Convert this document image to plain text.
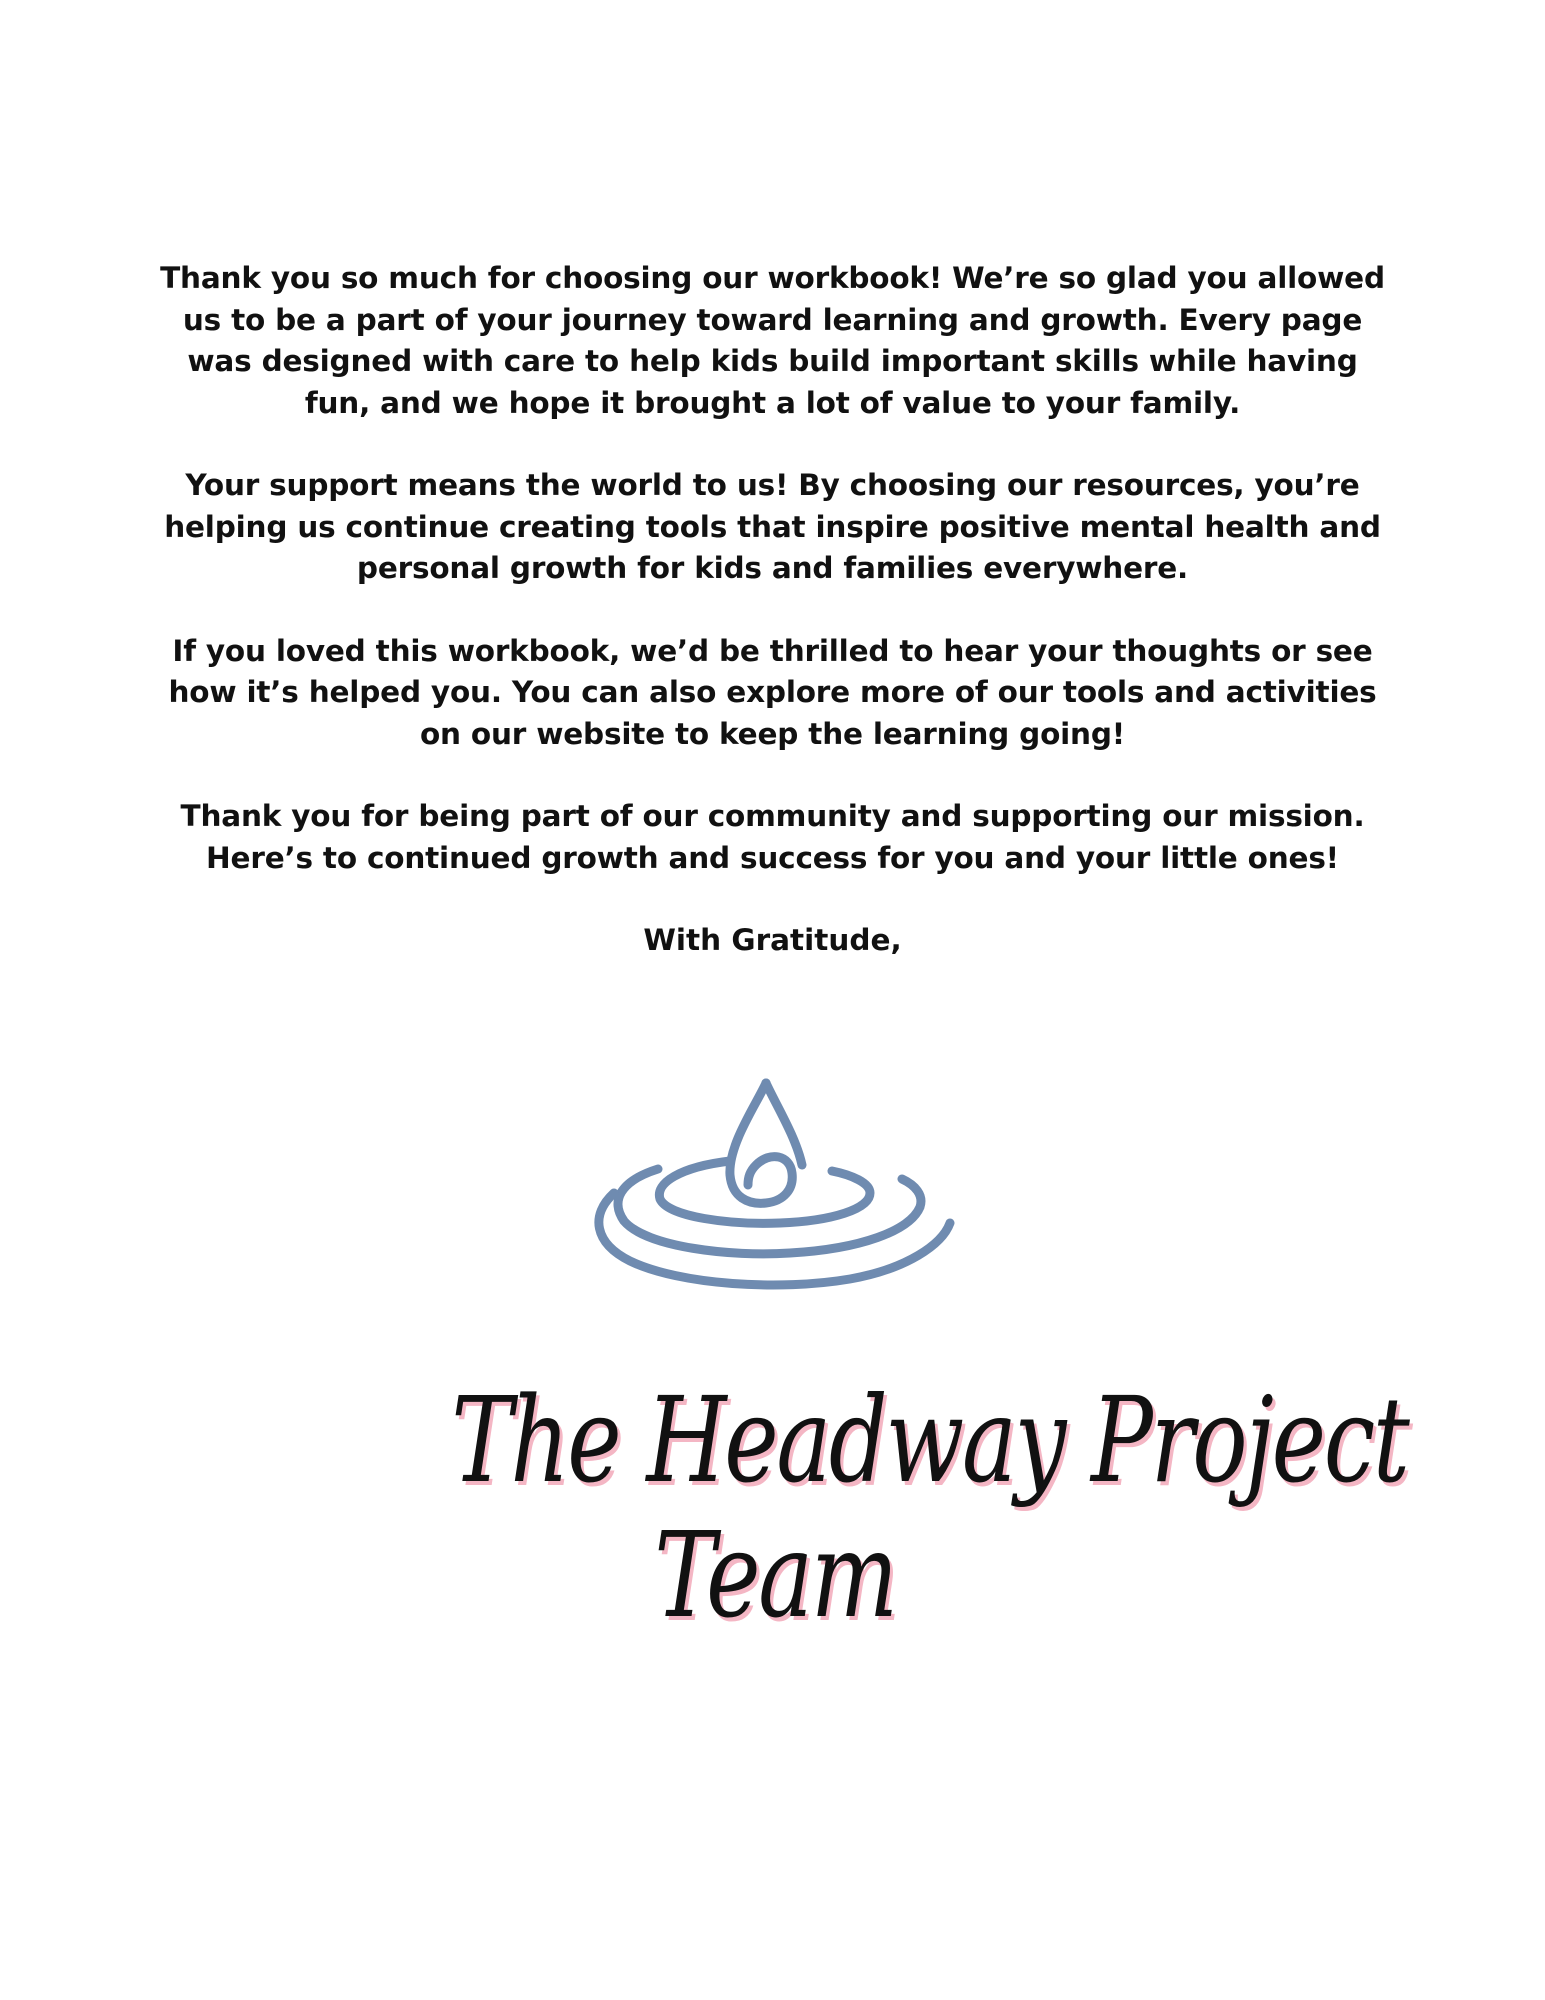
Thank you so much for choosing our workbook! We’re so glad you allowed us to be a part of your journey toward learning and growth. Every page was designed with care to help kids build important skills while having fun, and we hope it brought a lot of value to your family.

Your support means the world to us! By choosing our resources, you’re helping us continue creating tools that inspire positive mental health and personal growth for kids and families everywhere.

If you loved this workbook, we’d be thrilled to hear your thoughts or see how it’s helped you. You can also explore more of our tools and activities on our website to keep the learning going!

Thank you for being part of our community and supporting our mission. Here’s to continued growth and success for you and your little ones!

With Gratitude,

The Headway Project
Team
